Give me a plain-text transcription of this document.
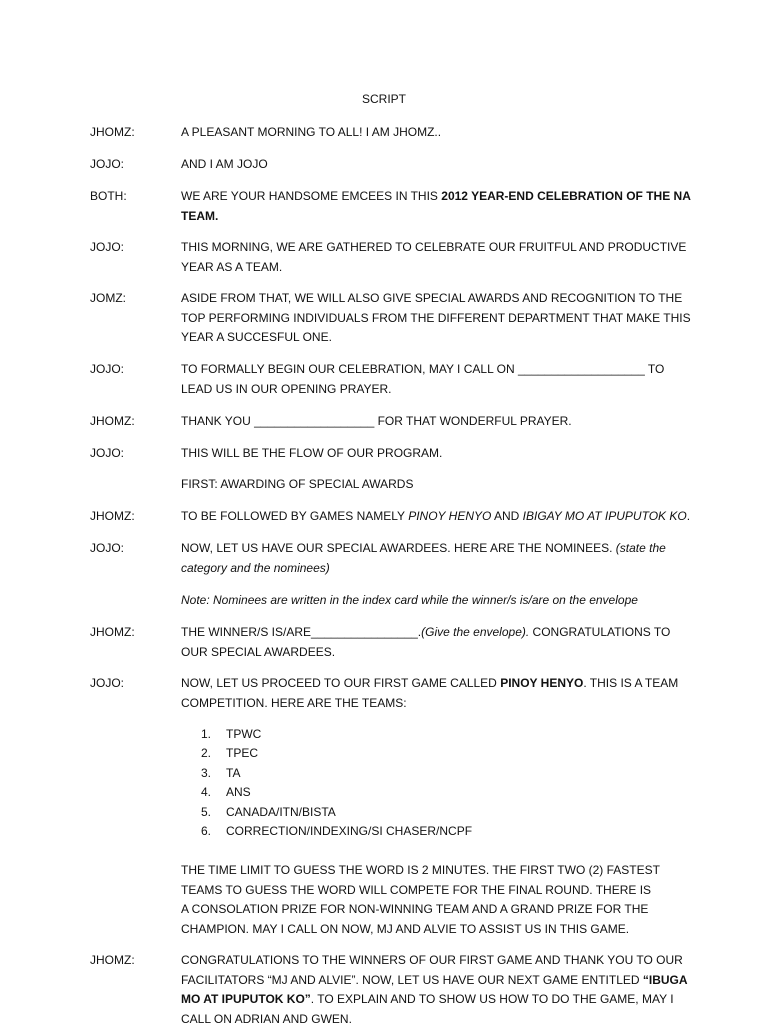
SCRIPT
JHOMZ:	A PLEASANT MORNING TO ALL! I AM JHOMZ..
JOJO:	AND I AM JOJO
BOTH:	WE ARE YOUR HANDSOME EMCEES IN THIS 2012 YEAR-END CELEBRATION OF THE NA
TEAM.
JOJO:	THIS MORNING, WE ARE GATHERED TO CELEBRATE OUR FRUITFUL AND PRODUCTIVE
YEAR AS A TEAM.
JOMZ:	ASIDE FROM THAT, WE WILL ALSO GIVE SPECIAL AWARDS AND RECOGNITION TO THE
TOP PERFORMING INDIVIDUALS FROM THE DIFFERENT DEPARTMENT THAT MAKE THIS
YEAR A SUCCESFUL ONE.
JOJO:	TO FORMALLY BEGIN OUR CELEBRATION, MAY I CALL ON ___________________ TO
LEAD US IN OUR OPENING PRAYER.
JHOMZ:	THANK YOU __________________ FOR THAT WONDERFUL PRAYER.
JOJO:	THIS WILL BE THE FLOW OF OUR PROGRAM.
FIRST: AWARDING OF SPECIAL AWARDS
JHOMZ:	TO BE FOLLOWED BY GAMES NAMELY PINOY HENYO AND IBIGAY MO AT IPUPUTOK KO.
JOJO:	NOW, LET US HAVE OUR SPECIAL AWARDEES. HERE ARE THE NOMINEES. (state the
category and the nominees)
Note: Nominees are written in the index card while the winner/s is/are on the envelope
JHOMZ:	THE WINNER/S IS/ARE________________.(Give the envelope). CONGRATULATIONS TO
OUR SPECIAL AWARDEES.
JOJO:	NOW, LET US PROCEED TO OUR FIRST GAME CALLED PINOY HENYO. THIS IS A TEAM
COMPETITION. HERE ARE THE TEAMS:
1. TPWC
2. TPEC
3. TA
4. ANS
5. CANADA/ITN/BISTA
6. CORRECTION/INDEXING/SI CHASER/NCPF
THE TIME LIMIT TO GUESS THE WORD IS 2 MINUTES. THE FIRST TWO (2) FASTEST
TEAMS TO GUESS THE WORD WILL COMPETE FOR THE FINAL ROUND. THERE IS
A CONSOLATION PRIZE FOR NON-WINNING TEAM AND A GRAND PRIZE FOR THE
CHAMPION. MAY I CALL ON NOW, MJ AND ALVIE TO ASSIST US IN THIS GAME.
JHOMZ:	CONGRATULATIONS TO THE WINNERS OF OUR FIRST GAME AND THANK YOU TO OUR
FACILITATORS “MJ AND ALVIE”. NOW, LET US HAVE OUR NEXT GAME ENTITLED “IBUGA
MO AT IPUPUTOK KO”. TO EXPLAIN AND TO SHOW US HOW TO DO THE GAME, MAY I
CALL ON ADRIAN AND GWEN.
